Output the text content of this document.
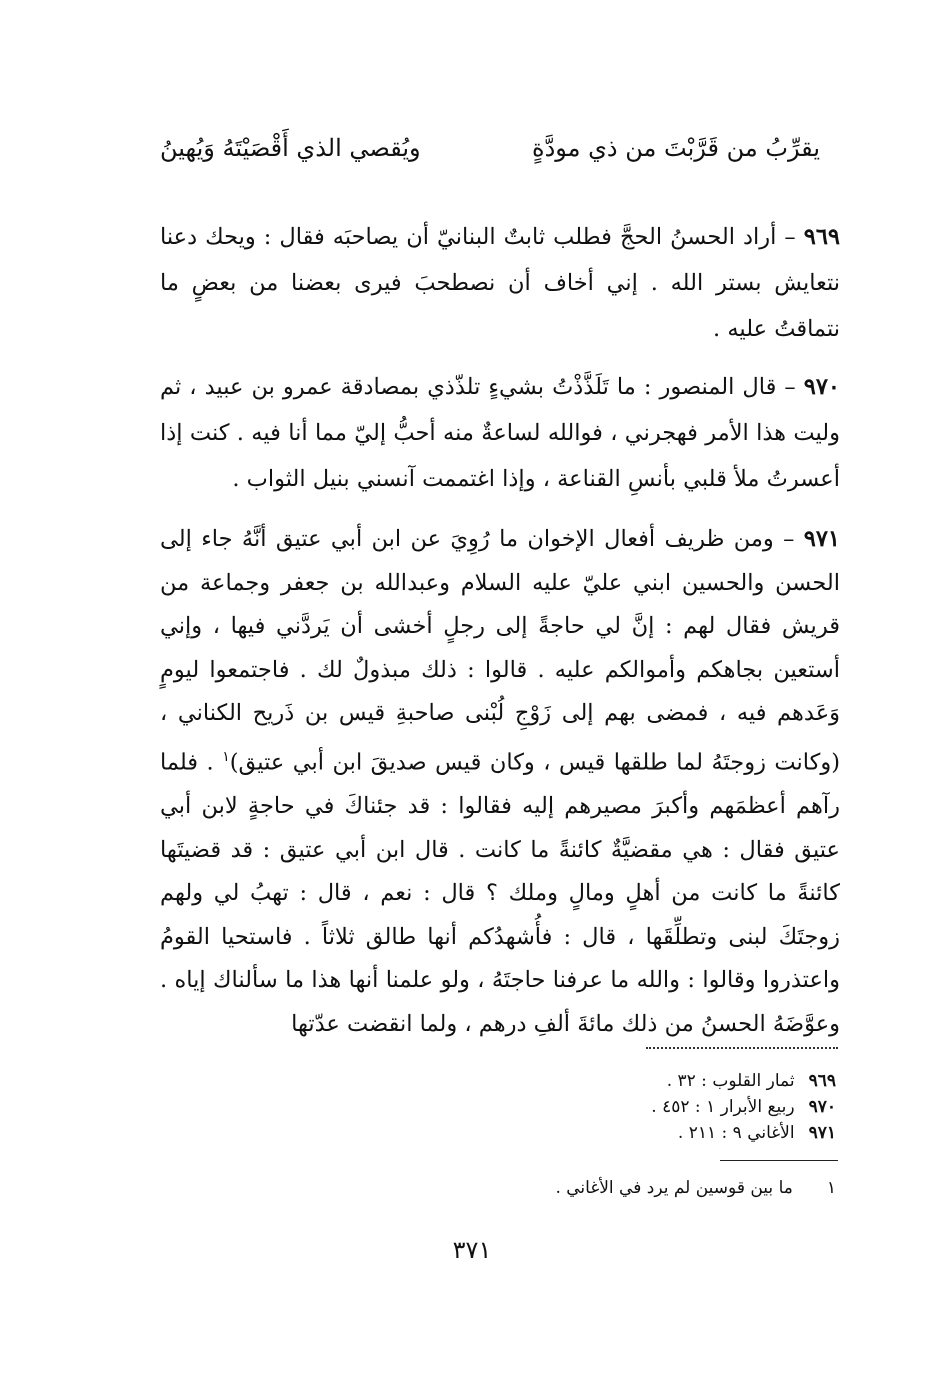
يقرِّبُ من قَرَّبْتَ من ذي مودَّةٍ
ويُقصي الذي أَقْصَيْتَهُ وَيُهينُ
٩٦٩ – أراد الحسنُ الحجَّ فطلب ثابتٌ البنانيّ أن يصاحبَه فقال : ويحك دعنا نتعايش بستر الله . إني أخاف أن نصطحبَ فيرى بعضنا من بعضٍ ما نتماقتُ عليه .
٩٧٠ – قال المنصور : ما تَلَذَّذْتُ بشيءٍ تلذّذي بمصادقة عمرو بن عبيد ، ثم وليت هذا الأمر فهجرني ، فوالله لساعةٌ منه أحبُّ إليّ مما أنا فيه . كنت إذا أعسرتُ ملأ قلبي بأنسِ القناعة ، وإذا اغتممت آنسني بنيل الثواب .
٩٧١ – ومن ظريف أفعال الإخوان ما رُوِيَ عن ابن أبي عتيق أنَّهُ جاء إلى الحسن والحسين ابني عليّ عليه السلام وعبدالله بن جعفر وجماعة من قريش فقال لهم : إنَّ لي حاجةً إلى رجلٍ أخشى أن يَردَّني فيها ، وإني أستعين بجاهكم وأموالكم عليه . قالوا : ذلك مبذولٌ لك . فاجتمعوا ليومٍ وَعَدهم فيه ، فمضى بهم إلى زَوْجِ لُبْنى صاحبةِ قيس بن ذَريح الكناني ، (وكانت زوجتَهُ لما طلقها قيس ، وكان قيس صديقَ ابن أبي عتيق)$^١$ . فلما رآهم أعظمَهم وأكبرَ مصيرهم إليه فقالوا : قد جئناكَ في حاجةٍ لابن أبي عتيق فقال : هي مقضيَّةٌ كائنةً ما كانت . قال ابن أبي عتيق : قد قضيتَها كائنةً ما كانت من أهلٍ ومالٍ وملك ؟ قال : نعم ، قال : تهبُ لي ولهم زوجتَكَ لبنى وتطلِّقَها ، قال : فأُشهدُكم أنها طالق ثلاثاً . فاستحيا القومُ واعتذروا وقالوا : والله ما عرفنا حاجتَهُ ، ولو علمنا أنها هذا ما سألناك إياه . وعوَّضَهُ الحسنُ من ذلك مائةَ ألفِ درهم ، ولما انقضت عدّتها
٩٦٩ثمار القلوب : ٣٢ .
٩٧٠ربيع الأبرار ١ : ٤٥٢ .
٩٧١الأغاني ٩ : ٢١١ .
١ما بين قوسين لم يرد في الأغاني .
٣٧١
